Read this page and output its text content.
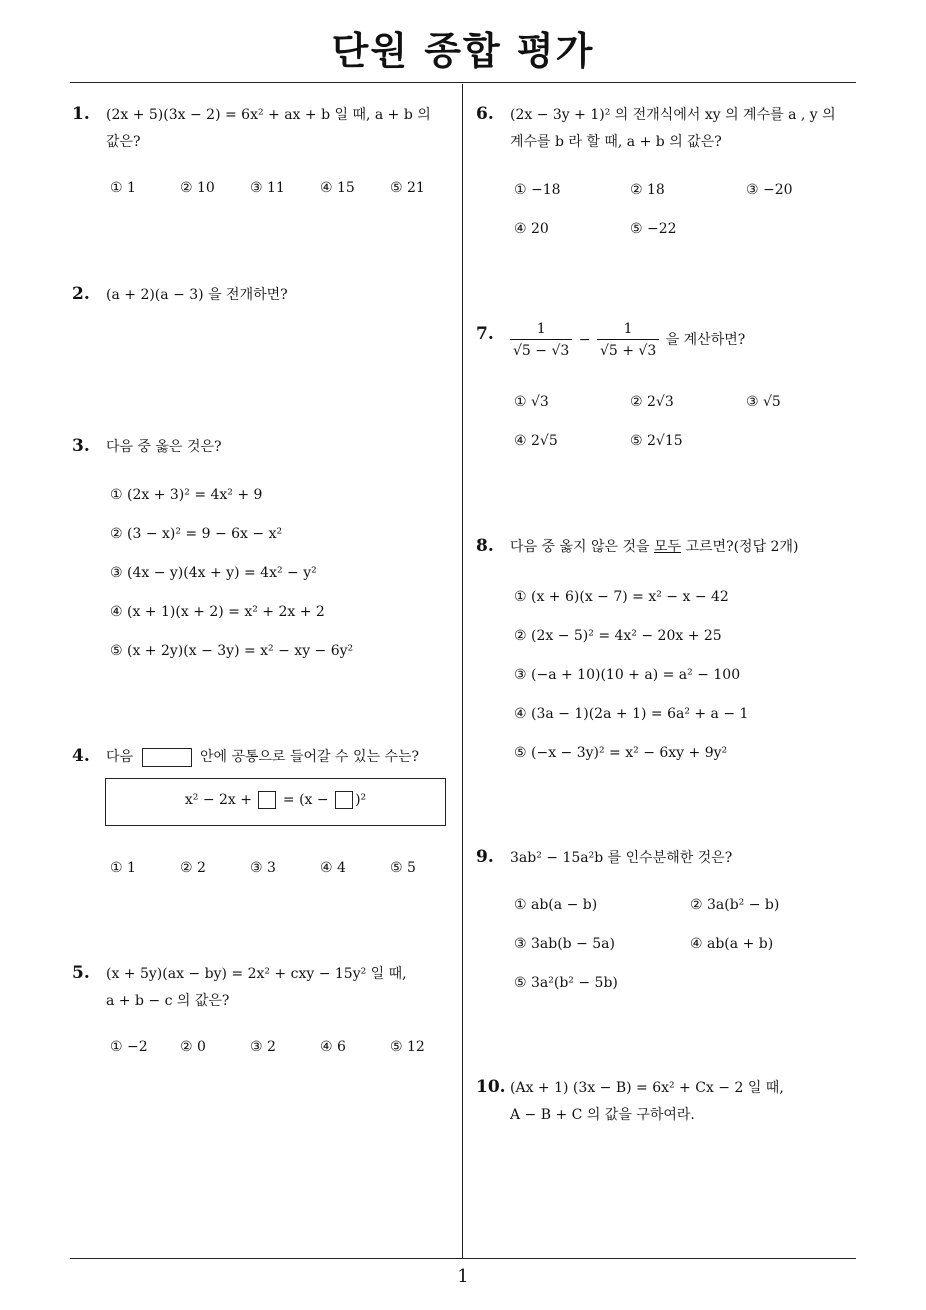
단원 종합 평가
1
1. (2x + 5)(3x − 2) = 6x² + ax + b 일 때, a + b 의
값은?
① 1	② 10	③ 11	④ 15	⑤ 21
2. (a + 2)(a − 3) 을 전개하면?
3. 다음 중 옳은 것은?
① (2x + 3)² = 4x² + 9
② (3 − x)² = 9 − 6x − x²
③ (4x − y)(4x + y) = 4x² − y²
④ (x + 1)(x + 2) = x² + 2x + 2
⑤ (x + 2y)(x − 3y) = x² − xy − 6y²
4. 다음	안에 공통으로 들어갈 수 있는 수는?
x² − 2x + = (x − )²
① 1	② 2	③ 3	④ 4	⑤ 5
5. (x + 5y)(ax − by) = 2x² + cxy − 15y² 일 때,
a + b − c 의 값은?
① −2 ② 0	③ 2	④ 6	⑤ 12
6. (2x − 3y + 1)² 의 전개식에서 xy 의 계수를 a , y 의
계수를 b 라 할 때, a + b 의 값은?
① −18	② 18	③ −20
④ 20	⑤ −22
7. $\frac{1}{√5 - √3} - \frac{1}{√5 + √3}$ 을 계산하면?
① √3	② 2√3	③ √5
④ 2√5	⑤ 2√15
8. 다음 중 옳지 않은 것을 모두 고르면?(정답 2개)
① (x + 6)(x − 7) = x² − x − 42
② (2x − 5)² = 4x² − 20x + 25
③ (−a + 10)(10 + a) = a² − 100
④ (3a − 1)(2a + 1) = 6a² + a − 1
⑤ (−x − 3y)² = x² − 6xy + 9y²
9. 3ab² − 15a²b 를 인수분해한 것은?
① ab(a − b)	② 3a(b² − b)
③ 3ab(b − 5a)	④ ab(a + b)
⑤ 3a²(b² − 5b)
10. (Ax + 1) (3x − B) = 6x² + Cx − 2 일 때,
A − B + C 의 값을 구하여라.
